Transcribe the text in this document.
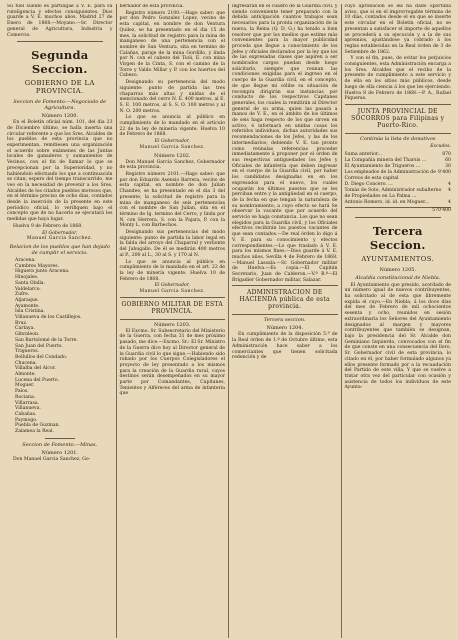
Su fuel sueldo es partiligae à V. E. para su ruteligencia y efectos consiguientes. Dios guarde a V. E. muchos años. Madrid 27 de Enero de 1868.—Moyano.—Sr. Director general de Agricultura, Industria y Comercio.

Segunda Seccion.
GOBIERNO DE LA PROVINCIA.
Seccion de Fomento.—Negociado de Agricultura.
Número 1200.

En el Boletín oficial núm. 101, del dia 23 de Diciembre último, se halla inserta una circular referente a que los Sres. Alcaldes de los pueblos de esta provincia que no experimentan, remitiesen una organización el acuerdo sobre exámenes de las Juntas locales de ganaderos y sumanientos de Vecinos, con el fin de llamar lo que se precepcionan por la Superioridad, y no habiéndolo efectuado los que a continuación se citan; espero del tiempo transcurrido, me veo en la necesidad de prevenir a los Sres. Alcaldes de los citados pueblos morosos que, en el término preciso de ocho dias, contados desde la inserción de la presente en este periódico oficial, lo verifiquen bajo el concepto que de no hacerlo se ejecutará les medidas que haya lugar.

Huelva 9 de Febrero de 1868.

El Gobernador,
Manuel Garcia Sanchez.
Relacion de los pueblos que han dejado de cumplir el servicio.
Aracena.
Cumbres Mayores.
Higuera junto Aracena.
Hinojales.
Santa Olalla.
Valdelarco.
Zufre.
Aljaraque.
Ayamonte.
Isla Cristina.
Villanueva de los Castillejos.
Bruz.
Cartaya.
Gibraleon.
San Bartolomé de la Torre.
San Juan del Puerto.
Trigueros.
Bollullos del Condado.
Chucena.
Villalba del Alcor.
Almonte.
Lucena del Puerto.
Moguer.
Palos.
Rociana.
Villarrasa.
Villanueva.
Cabañas.
Paymogo.
Puebla de Guzman.
Zalamea la Real.
Seccion de Fomento.—Minas.
Número 1201.

Don Manuel Garcia Sanchez, Go-

bernador de esta provincia.

Registro número 2100.—Hago saber: que por don Pedro Gonzalez Lopez, vecino de esta capital, en nombre de don Ventura Quilez, se ha presentado en el dia 15 de mes, la solicitud de registro para la mina de manganeso de una pertenencia con el nombre de San Ventura, sita en termino de Calañas, paraje de la mina Gordillo, y linda por N. con el cabezo del Tioli, E. con mina Virgen de la Cinta, S. con el camino de la Torre y Valdo Millar y P. con los huertos del Cabezo.

Designando su pertenencia del modo siguiente: punto de partida las tres chaparras más altas y unidas de el mencionado del cerro N. E. 400 metros, al E. S. E. 100 metros, al S. S. O. 100 metros y al N. O. 200 metros.

Lo que se anuncia al público en cumplimiento de lo mandado en el artículo 22 de la ley de minería vigente. Huelva 10 de Febrero de 1868.

El Gobernador,
Manuel Garcia Sanchez.
Número 1202.

Don Manuel Garcia Sanchez, Gobernador de esta provincia.

Registro número 2101.—Hago saber: que por don Eduardo Asensio Barrera, vecino de esta capital, en nombre de don Julian Chandee, se ha presentado en el dia 3 del presente, la solicitud de registro para la mina de manganeso de seis pertenencias con el nombre de San Julian, sita en el término de Ig. termino del Cerro, y linda por N. con Herrera, S. con la Pajara, P. con la Monty L. con Barbechos.

Designando sus pertenencias del modo siguiente: punto de partida la labor legal en la falda del arroyo del Chaparral y verlionte del Jabugallo. De él se medirán 400 metros al P., 200 al L., 30 al S. y 170 al N.

Lo que se anuncia al público en cumplimiento de lo mandado en el art. 22 de la ley de minería vigente. Huelva 10 de Febrero de 1868.

El Gobernador,
Manuel Garcia Sanchez.
GOBIERNO MILITAR DE ESTA PROVINCIA.
Número 1203.

El Excmo. Sr. Subsecretario del Ministerio de la Guerra, con fecha 31 de mes próximo pasado, me dice.—Excmo. Sr.: El Sr. Ministro de la Guerra dice hoy al Director general de la Guardia civil lo que sigue.—Habiendo sido robado por los Cuerpos Colegisladores el proyecto de ley presentado a los mismos para la creación de la Guardia rural, cuyos destinos serán desempeñados en su mayor parte por Comandantes, Capitanes, Tenientes y Alféreces del arma de infantería que

ingresaran en el cuadro de la Guardia civil, y siendo conveniente tener preparado con la debida anticipación cuantos trabajos sean necesarios para la pronta organización de la nueva, la Reina (Q. D. G.) ha tenido a bien resolver que por los medios que estime más convenientes para la mayor publicidad proceda que llegue a conocimiento de los Jefes y oficiales declarados por la ley que los de las expresadas clases que aspiren a ser nombrados cargos puedan desde luego solicitarlo, siempre que reunan las condiciones exigidas para el ingreso en el cuerpo de la Guardia civil, en el concepto, de que llegue mi célibe su situación de recompra dirigirán sus instancias por conducto de los respectivos Capitanes generales, los cuales la remitirán al Director general de su arma, quien las pasará a manos de V. E., en el ámbito de los últimos de seis haga respecto de los que sirven en activo, é informará en unidas cosas los referidos individuos, dichas autoridades sus recomendaciones de los Jefes, y las de los intermediarios; debiendo V. E. tan pronto como reúnalas referencias proceder inmediatamente á proponer por el órden de sus respectivas antiguedades los Jefes y Oficiales de infantería que deben ingresar en el cuerpo de la Guardia civil, por haber los candidatos designadas en en los expresados para el nuevo, los cuales ocuparán los últimos puestos que se les perciban entre y la antigüedad en el cuerpo, de la fecha en que tengan la naturaleza de su nombramiento; a cuyo efecto se hará Se observar la vacante que por acuerdo del servicio se haga constancia. Los que no sean elegidos para la Guardia civil, y los Oficiales efectivos recibirán los puestos vacantes de que sean contados.—De real órden lo digo á V. E. para su conocimiento y efectos correspondientes.—Lo que traslado á V. E. para los mismos fines.—Dios guarde á V. E. muchos años. Sevilla 4 de Febrero de 1868.—Manuel Lassala.—Sr. Gobernador militar de Huelva.—Es copia.—El Capitán Secretario, Juan de Calderon.—V.º B.º—El Brigadier Gobernador militar, Salazar.

ADMINISTRACION DE HACIENDA pública de esta provincia.
Tercera seccion.
Número 1204.

En cumplimiento de la disposición 5.ª de la Real órden de 1.º de Octubre último, esta Administración hace saber a los comerciantes que tienen solicitada redención y de

cuyo aprobación se les ha dado oportuna aviso, que si en el improrrogable término de 10 días, contados desde el en que se inserte este circular en el Boletín oficial, no se presentan a satisfacer el importe de aquellos se procederá a su ejecución y a la de sus apremios, ajustándose ya cobrado á los reglas establecidas en la Real órden de 3 de Setiembre de 1862.

Y con el fin, pues, de evitar los perjuicios consiguientes, esta Administración encarga a los Sres. Alcaldes que el recibo de la presente de cumplimiento a este servicio y de ella en los sitios más públicos, desde luego de ella ciencia á los que les ejerciendo. Huelva 8 de Febrero de 1868.—P. A., Rafael Piqueras.

JUNTA PROVINCIAL DE SOCORROS para Filipinas y Puerto-Rico.
Continúa la lista de donativos
Escudos.
Suma anterior...	870
La Compañía minera del Tharsis ...	60
El Ayuntamiento de Trigueros ...	30
Los empleados de la Administración de Correos de esta capital
8'400
D. Diego Concero. ...	4
Tomás de Soto, Administrador subalterno de Propiedades en La Palma ...
4
Antonio Romero, id. id. en Moguer...	4
570'400
Tercera Seccion.
AYUNTAMIENTOS.
Número 1205.
Alcaldía constitucional de Niebla.

El Ayuntamiento que presido, acordado de un número igual de nuevos contribuyentes, ha solicitado al de esta que libremente expida el cuyo.—En Niebla, á los doce días del mes de Febrero de mil ochocientos sesenta y ocho, reunidos en sesión extraordinaria los Señores del Ayuntamiento designados al margen y mayores contribuyentes que también se designan, bajo la presidencia del Sr. Alcalde don Geminiano Izquierdo, convocados con el fin de que conste en una consecuencia del lloro, Sr. Gobernador civil de esta provincia, lo citado en él, por haber formulado algunos ya ellos presente formado por a la recaudación del Partido de este villa, Y que se vuelve a tratar otra vez del particular con ocasión y asistencia de todos los individuos de este Ayunta-
